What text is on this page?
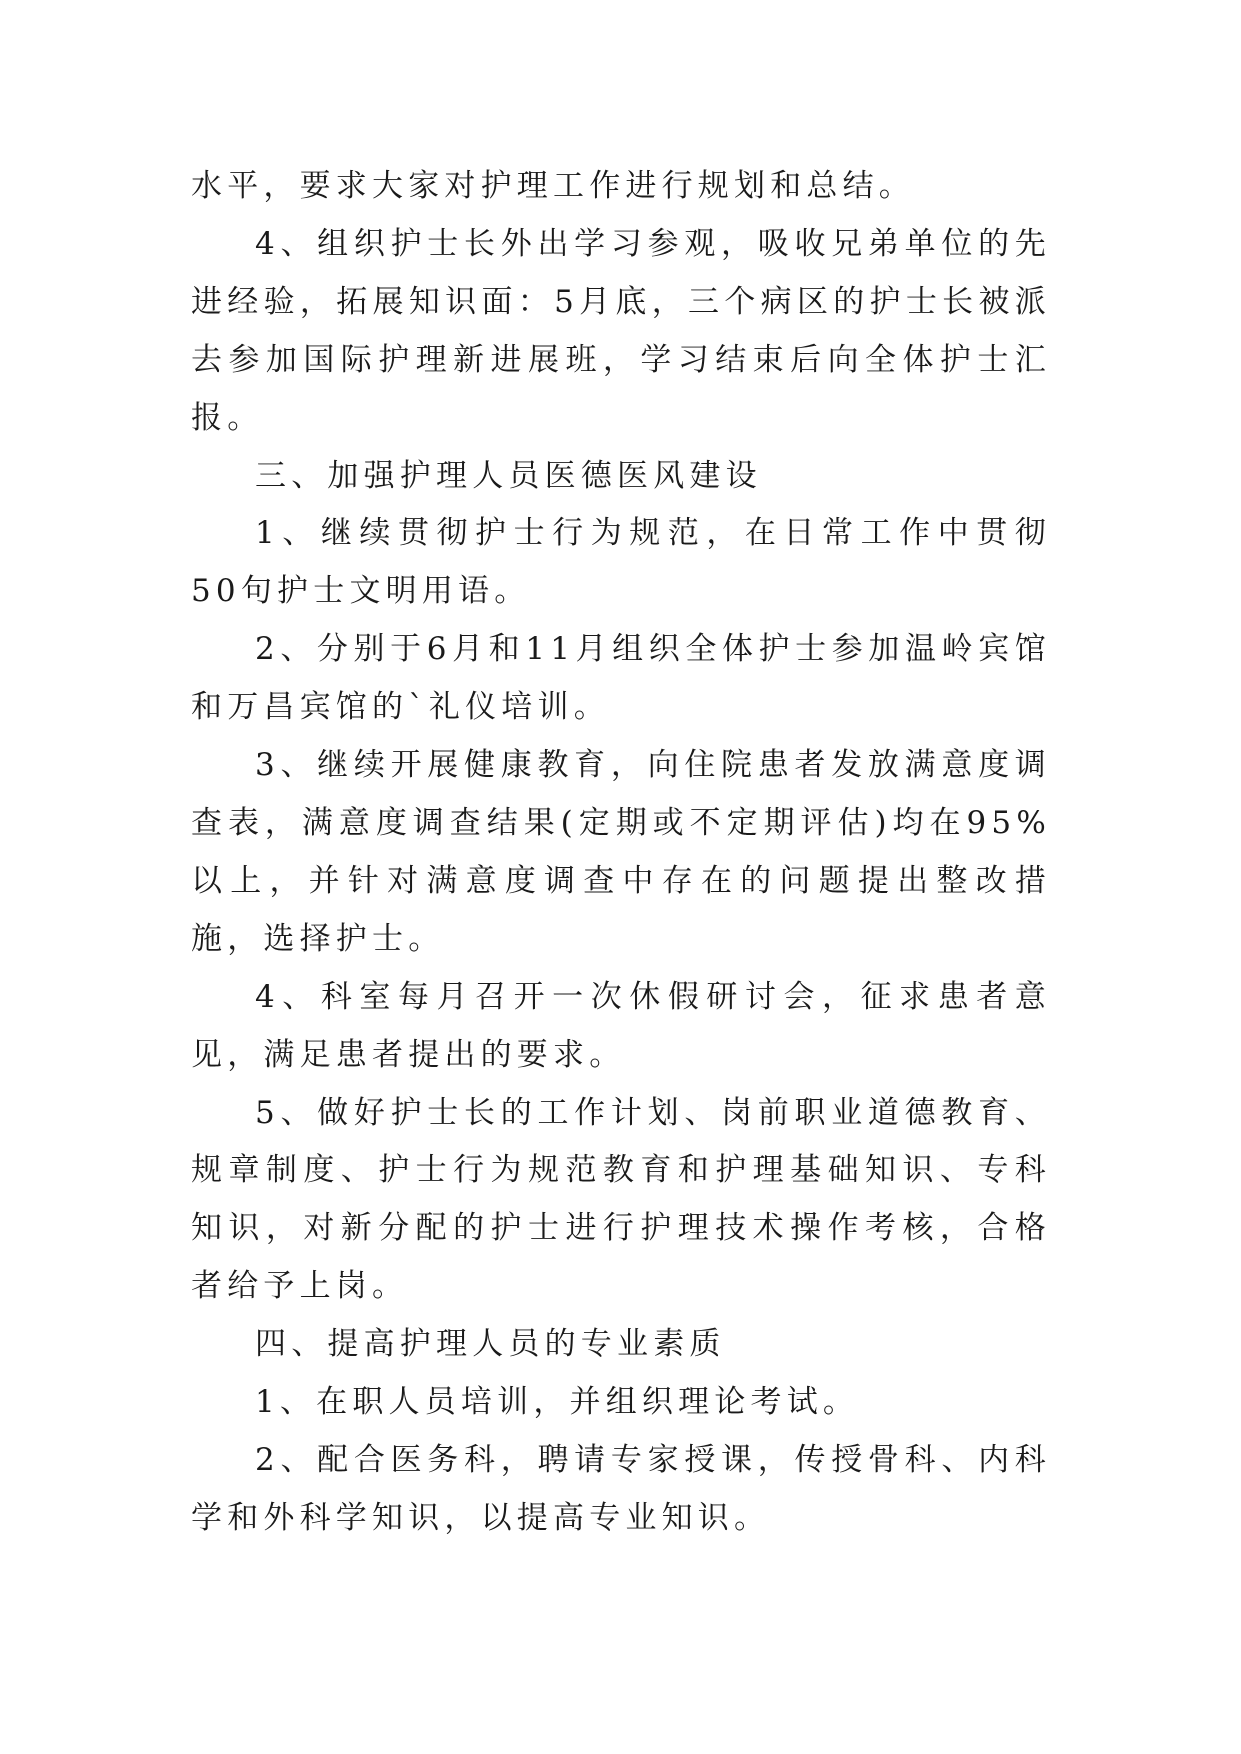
水平，要求大家对护理工作进行规划和总结。

4、组织护士长外出学习参观，吸收兄弟单位的先进经验，拓展知识面：5月底，三个病区的护士长被派去参加国际护理新进展班，学习结束后向全体护士汇报。

三、加强护理人员医德医风建设

1、继续贯彻护士行为规范，在日常工作中贯彻50句护士文明用语。

2、分别于6月和11月组织全体护士参加温岭宾馆和万昌宾馆的`礼仪培训。

3、继续开展健康教育，向住院患者发放满意度调查表，满意度调查结果(定期或不定期评估)均在95%以上，并针对满意度调查中存在的问题提出整改措施，选择护士。

4、科室每月召开一次休假研讨会，征求患者意见，满足患者提出的要求。

5、做好护士长的工作计划、岗前职业道德教育、规章制度、护士行为规范教育和护理基础知识、专科知识，对新分配的护士进行护理技术操作考核，合格者给予上岗。

四、提高护理人员的专业素质

1、在职人员培训，并组织理论考试。

2、配合医务科，聘请专家授课，传授骨科、内科学和外科学知识，以提高专业知识。
